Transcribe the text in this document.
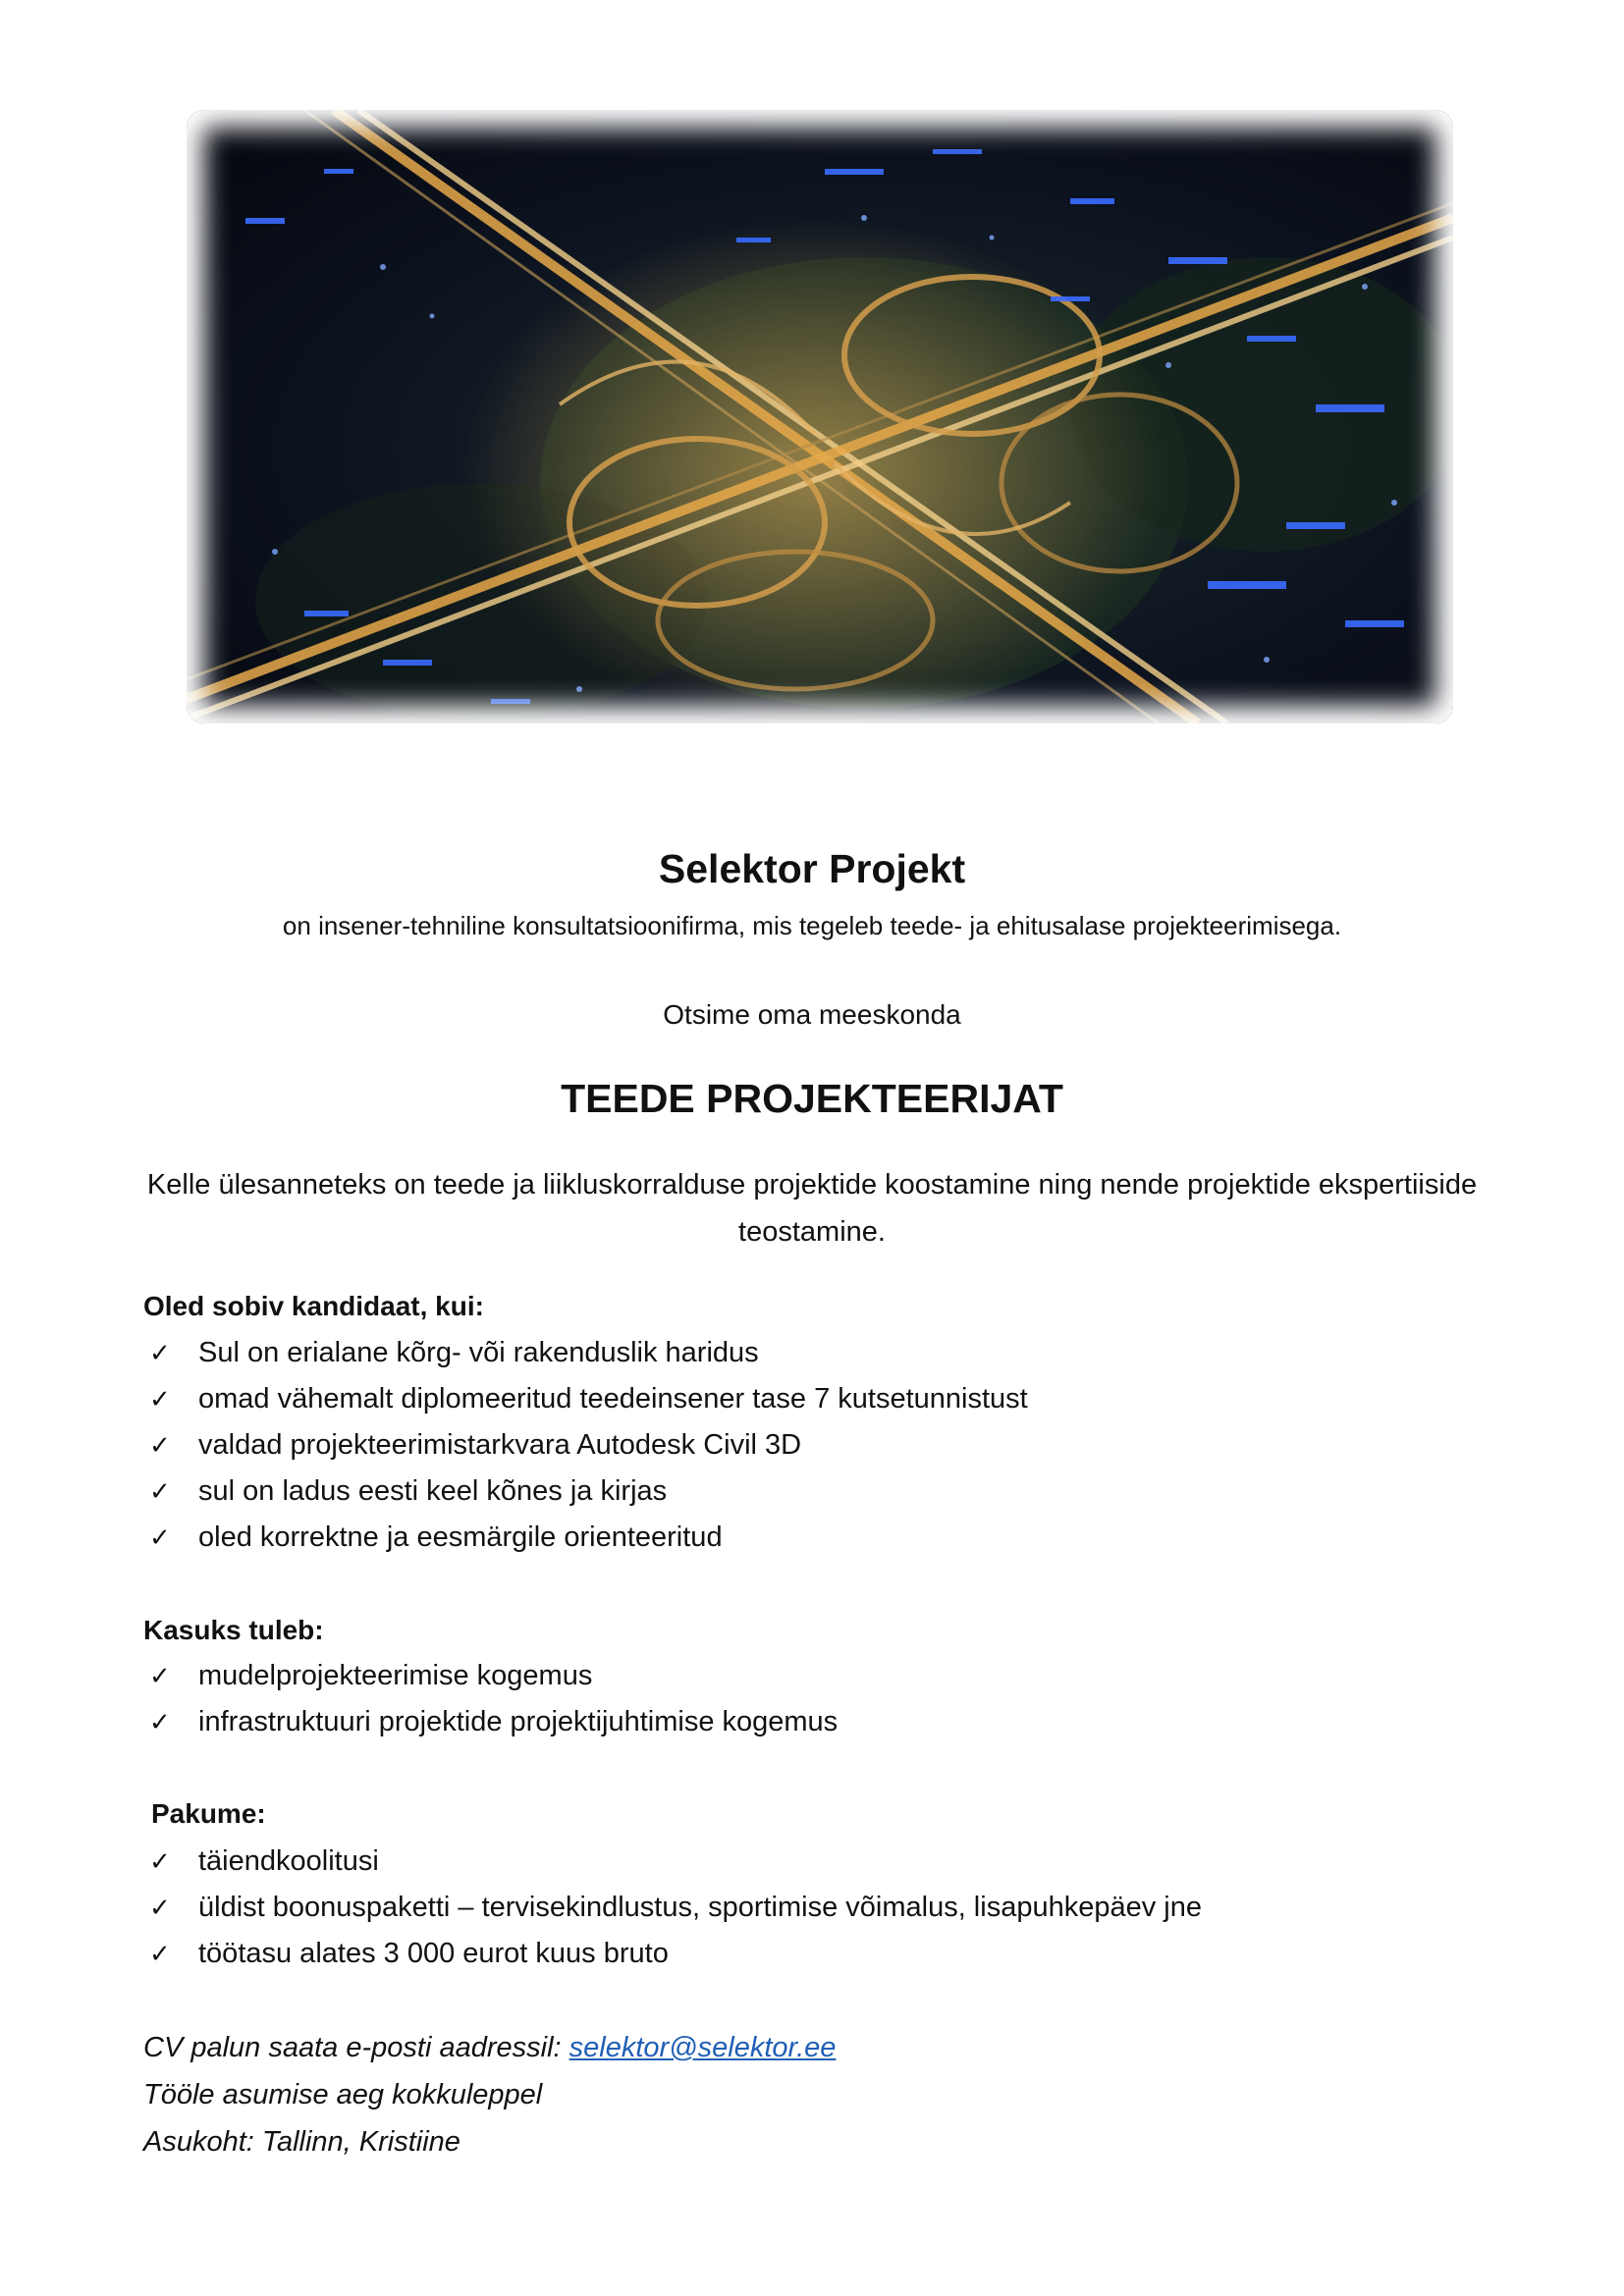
Selektor Projekt
on insener-tehniline konsultatsioonifirma, mis tegeleb teede- ja ehitusalase projekteerimisega.
Otsime oma meeskonda
TEEDE PROJEKTEERIJAT
Kelle ülesanneteks on teede ja liikluskorralduse projektide koostamine ning nende projektide ekspertiiside teostamine.
Oled sobiv kandidaat, kui:
✓ Sul on erialane kõrg- või rakenduslik haridus
✓ omad vähemalt diplomeeritud teedeinsener tase 7 kutsetunnistust
✓ valdad projekteerimistarkvara Autodesk Civil 3D
✓ sul on ladus eesti keel kõnes ja kirjas
✓ oled korrektne ja eesmärgile orienteeritud
Kasuks tuleb:
✓ mudelprojekteerimise kogemus
✓ infrastruktuuri projektide projektijuhtimise kogemus
Pakume:
✓ täiendkoolitusi
✓ üldist boonuspaketti – tervisekindlustus, sportimise võimalus, lisapuhkepäev jne
✓ töötasu alates 3 000 eurot kuus bruto
CV palun saata e-posti aadressil: selektor@selektor.ee
Tööle asumise aeg kokkuleppel
Asukoht: Tallinn, Kristiine
